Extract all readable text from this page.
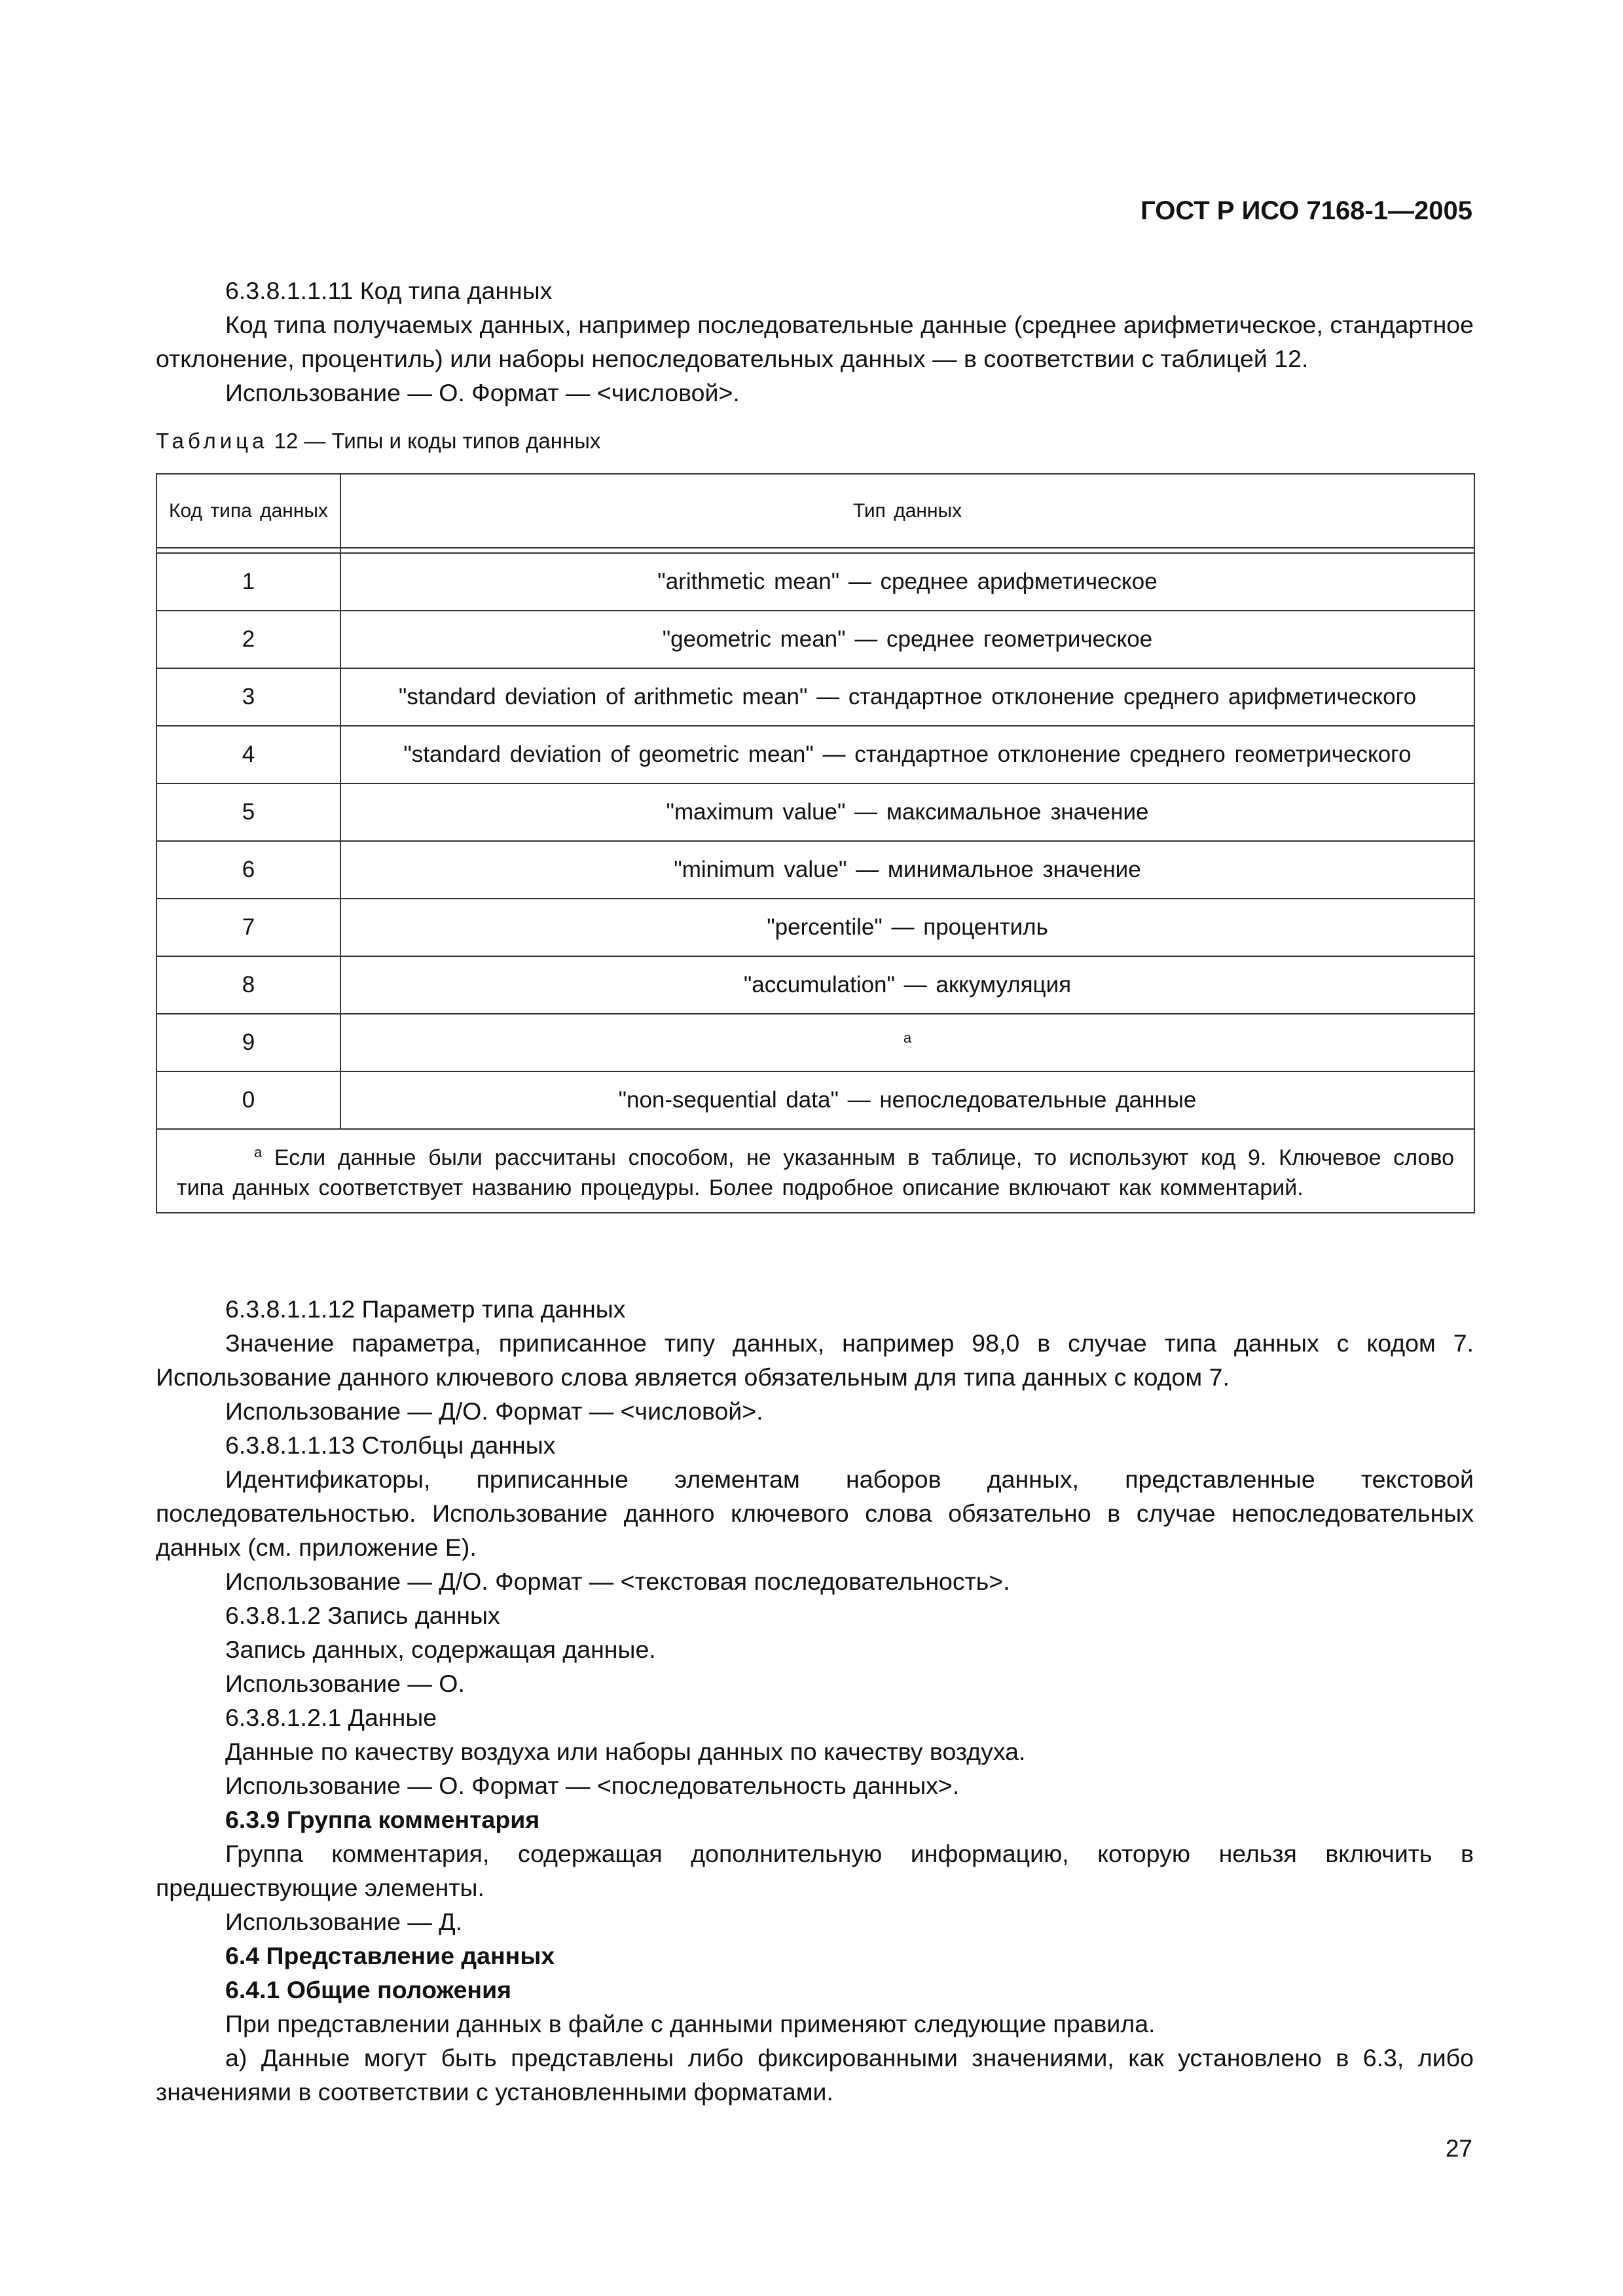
ГОСТ Р ИСО 7168-1—2005

6.3.8.1.1.11 Код типа данных

Код типа получаемых данных, например последовательные данные (среднее арифметическое, стандартное отклонение, процентиль) или наборы непоследовательных данных — в соответствии с таблицей 12.

Использование — О. Формат — <числовой>.

Таблица 12 — Типы и коды типов данных
Код типа данных	Тип данных

1	"arithmetic mean" — среднее арифметическое
2	"geometric mean" — среднее геометрическое
3	"standard deviation of arithmetic mean" — стандартное отклонение среднего арифметического
4	"standard deviation of geometric mean" — стандартное отклонение среднего геометрического
5	"maximum value" — максимальное значение
6	"minimum value" — минимальное значение
7	"percentile" — процентиль
8	"accumulation" — аккумуляция
9	$^а$
0	"non-sequential data" — непоследовательные данные
$^а$ Если данные были рассчитаны способом, не указанным в таблице, то используют код 9. Ключевое слово типа данных соответствует названию процедуры. Более подробное описание включают как комментарий.	

6.3.8.1.1.12 Параметр типа данных

Значение параметра, приписанное типу данных, например 98,0 в случае типа данных с кодом 7. Использование данного ключевого слова является обязательным для типа данных с кодом 7.

Использование — Д/О. Формат — <числовой>.

6.3.8.1.1.13 Столбцы данных

Идентификаторы, приписанные элементам наборов данных, представленные текстовой последовательностью. Использование данного ключевого слова обязательно в случае непоследовательных данных (см. приложение Е).

Использование — Д/О. Формат — <текстовая последовательность>.

6.3.8.1.2 Запись данных

Запись данных, содержащая данные.

Использование — О.

6.3.8.1.2.1 Данные

Данные по качеству воздуха или наборы данных по качеству воздуха.

Использование — О. Формат — <последовательность данных>.

6.3.9 Группа комментария

Группа комментария, содержащая дополнительную информацию, которую нельзя включить в предшествующие элементы.

Использование — Д.

6.4 Представление данных

6.4.1 Общие положения

При представлении данных в файле с данными применяют следующие правила.

а) Данные могут быть представлены либо фиксированными значениями, как установлено в 6.3, либо значениями в соответствии с установленными форматами.

27
